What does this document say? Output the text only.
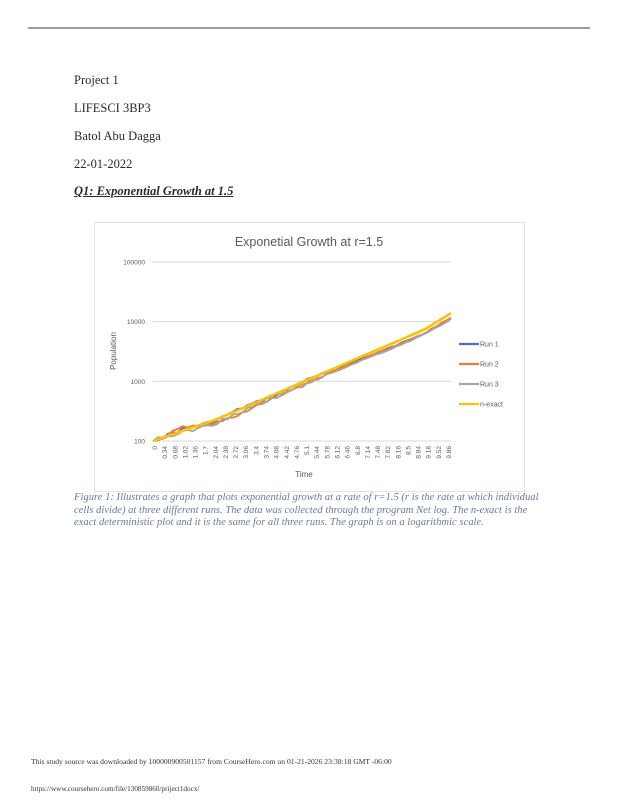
Project 1
LIFESCI 3BP3
Batol Abu Dagga
22-01-2022
Q1: Exponential Growth at 1.5
Exponetial Growth at r=1.5
100
1000
10000
100000
0 0.34 0.68 1.02 1.36 1.7 2.04 2.38 2.72 3.06 3.4 3.74 4.08 4.42 4.76 5.1 5.44 5.78 6.12 6.46 6.8 7.14 7.48 7.82 8.16 8.5 8.84 9.18 9.52 9.86
Time
Population	Run 1
Run 2
Run 3
n-exact
Figure 1: Illustrates a graph that plots exponential growth at a rate of r=1.5 (r is the rate at which individual cells divide) at three different runs. The data was collected through the program Net log. The n-exact is the exact deterministic plot and it is the same for all three runs. The graph is on a logarithmic scale.
This study source was downloaded by 100000900501157 from CourseHero.com on 01-21-2026 23:38:18 GMT -06:00
https://www.coursehero.com/file/130859860/priject1docx/
